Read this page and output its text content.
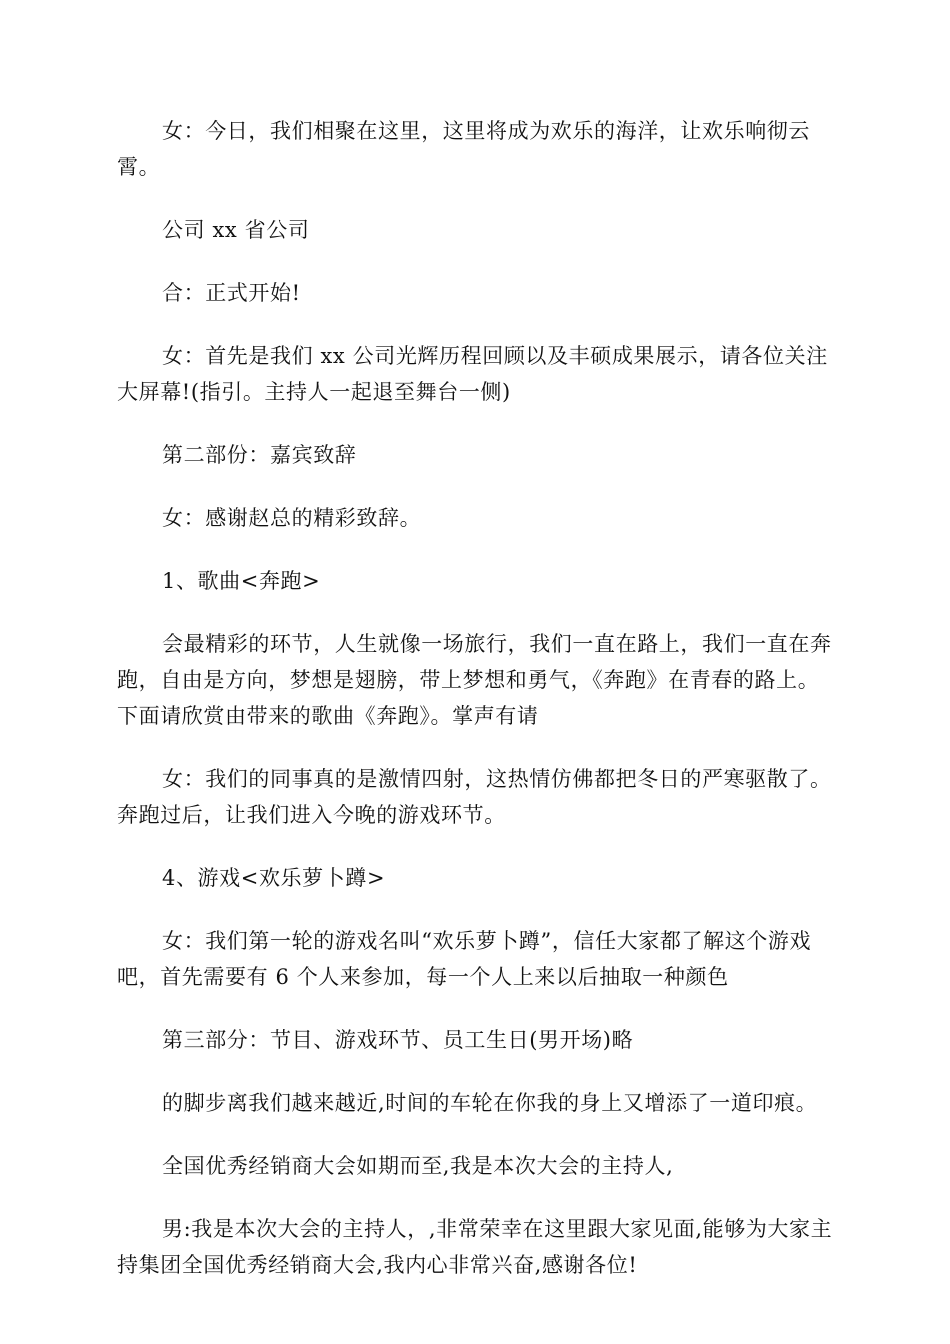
女：今日，我们相聚在这里，这里将成为欢乐的海洋，让欢乐响彻云霄。

公司 xx 省公司

合：正式开始!

女：首先是我们 xx 公司光辉历程回顾以及丰硕成果展示，请各位关注大屏幕!(指引。主持人一起退至舞台一侧)

第二部份：嘉宾致辞

女：感谢赵总的精彩致辞。

1、歌曲<奔跑>

会最精彩的环节，人生就像一场旅行，我们一直在路上，我们一直在奔跑，自由是方向，梦想是翅膀，带上梦想和勇气，《奔跑》在青春的路上。下面请欣赏由带来的歌曲《奔跑》。掌声有请

女：我们的同事真的是激情四射，这热情仿佛都把冬日的严寒驱散了。奔跑过后，让我们进入今晚的游戏环节。

4、游戏<欢乐萝卜蹲>

女：我们第一轮的游戏名叫“欢乐萝卜蹲”，信任大家都了解这个游戏吧，首先需要有 6 个人来参加，每一个人上来以后抽取一种颜色

第三部分：节目、游戏环节、员工生日(男开场)略

的脚步离我们越来越近,时间的车轮在你我的身上又增添了一道印痕。

全国优秀经销商大会如期而至,我是本次大会的主持人,

男:我是本次大会的主持人，,非常荣幸在这里跟大家见面,能够为大家主持集团全国优秀经销商大会,我内心非常兴奋,感谢各位!
